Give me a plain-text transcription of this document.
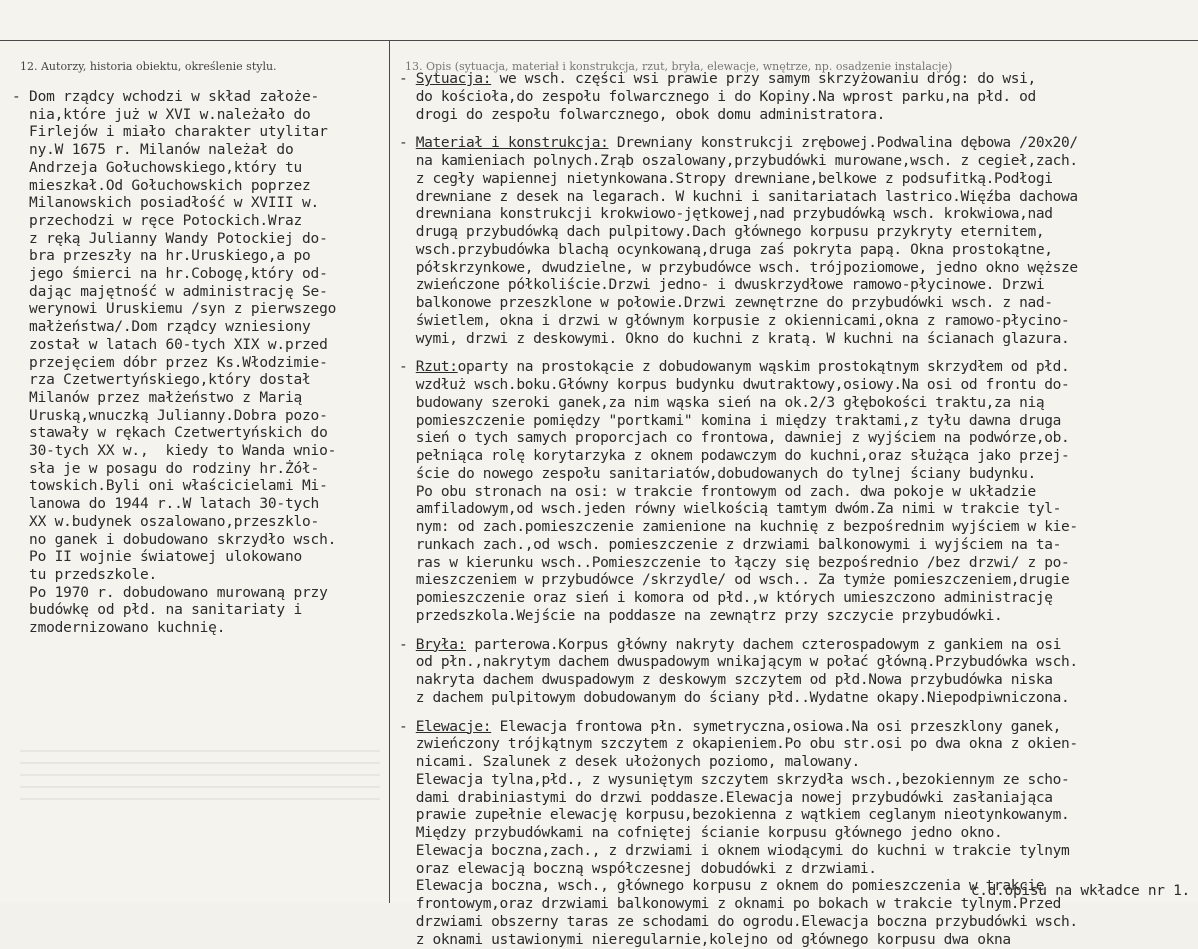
12. Autorzy, historia obiektu, określenie stylu.	13. Opis (sytuacja, materiał i konstrukcja, rzut, bryła, elewacje, wnętrze, np. osadzenie instalacje)
- Dom rządcy wchodzi w skład założe-
nia,które już w XVI w.należało do
Firlejów i miało charakter utylitar
ny.W 1675 r. Milanów należał do
Andrzeja Gołuchowskiego,który tu
mieszkał.Od Gołuchowskich poprzez
Milanowskich posiadłość w XVIII w.
przechodzi w ręce Potockich.Wraz
z ręką Julianny Wandy Potockiej do-
bra przeszły na hr.Uruskiego,a po
jego śmierci na hr.Cobogę,który od-
dając majętność w administrację Se-
werynowi Uruskiemu /syn z pierwszego
małżeństwa/.Dom rządcy wzniesiony
został w latach 60-tych XIX w.przed
przejęciem dóbr przez Ks.Włodzimie-
rza Czetwertyńskiego,który dostał
Milanów przez małżeństwo z Marią
Uruską,wnuczką Julianny.Dobra pozo-
stawały w rękach Czetwertyńskich do
30-tych XX w.,  kiedy to Wanda wnio-
sła je w posagu do rodziny hr.Żół-
towskich.Byli oni właścicielami Mi-
lanowa do 1944 r..W latach 30-tych
XX w.budynek oszalowano,przeszklo-
no ganek i dobudowano skrzydło wsch.
Po II wojnie światowej ulokowano
tu przedszkole.
Po 1970 r. dobudowano murowaną przy
budówkę od płd. na sanitariaty i
zmodernizowano kuchnię.
- Sytuacja: we wsch. części wsi prawie przy samym skrzyżowaniu dróg: do wsi,
do kościoła,do zespołu folwarcznego i do Kopiny.Na wprost parku,na płd. od
drogi do zespołu folwarcznego, obok domu administratora.
- Materiał i konstrukcja: Drewniany konstrukcji zrębowej.Podwalina dębowa /20x20/
na kamieniach polnych.Zrąb oszalowany,przybudówki murowane,wsch. z cegieł,zach.
z cegły wapiennej nietynkowana.Stropy drewniane,belkowe z podsufitką.Podłogi
drewniane z desek na legarach. W kuchni i sanitariatach lastrico.Więźba dachowa
drewniana konstrukcji krokwiowo-jętkowej,nad przybudówką wsch. krokwiowa,nad
drugą przybudówką dach pulpitowy.Dach głównego korpusu przykryty eternitem,
wsch.przybudówka blachą ocynkowaną,druga zaś pokryta papą. Okna prostokątne,
półskrzynkowe, dwudzielne, w przybudówce wsch. trójpoziomowe, jedno okno węższe
zwieńczone półkoliście.Drzwi jedno- i dwuskrzydłowe ramowo-płycinowe. Drzwi
balkonowe przeszklone w połowie.Drzwi zewnętrzne do przybudówki wsch. z nad-
świetlem, okna i drzwi w głównym korpusie z okiennicami,okna z ramowo-płycino-
wymi, drzwi z deskowymi. Okno do kuchni z kratą. W kuchni na ścianach glazura.
- Rzut:oparty na prostokącie z dobudowanym wąskim prostokątnym skrzydłem od płd.
wzdłuż wsch.boku.Główny korpus budynku dwutraktowy,osiowy.Na osi od frontu do-
budowany szeroki ganek,za nim wąska sień na ok.2/3 głębokości traktu,za nią
pomieszczenie pomiędzy "portkami" komina i między traktami,z tyłu dawna druga
sień o tych samych proporcjach co frontowa, dawniej z wyjściem na podwórze,ob.
pełniąca rolę korytarzyka z oknem podawczym do kuchni,oraz służąca jako przej-
ście do nowego zespołu sanitariatów,dobudowanych do tylnej ściany budynku.
Po obu stronach na osi: w trakcie frontowym od zach. dwa pokoje w układzie
amfiladowym,od wsch.jeden równy wielkością tamtym dwóm.Za nimi w trakcie tyl-
nym: od zach.pomieszczenie zamienione na kuchnię z bezpośrednim wyjściem w kie-
runkach zach.,od wsch. pomieszczenie z drzwiami balkonowymi i wyjściem na ta-
ras w kierunku wsch..Pomieszczenie to łączy się bezpośrednio /bez drzwi/ z po-
mieszczeniem w przybudówce /skrzydle/ od wsch.. Za tymże pomieszczeniem,drugie
pomieszczenie oraz sień i komora od płd.,w których umieszczono administrację
przedszkola.Wejście na poddasze na zewnątrz przy szczycie przybudówki.
- Bryła: parterowa.Korpus główny nakryty dachem czterospadowym z gankiem na osi
od płn.,nakrytym dachem dwuspadowym wnikającym w połać główną.Przybudówka wsch.
nakryta dachem dwuspadowym z deskowym szczytem od płd.Nowa przybudówka niska
z dachem pulpitowym dobudowanym do ściany płd..Wydatne okapy.Niepodpiwniczona.
- Elewacje: Elewacja frontowa płn. symetryczna,osiowa.Na osi przeszklony ganek,
zwieńczony trójkątnym szczytem z okapieniem.Po obu str.osi po dwa okna z okien-
nicami. Szalunek z desek ułożonych poziomo, malowany.
Elewacja tylna,płd., z wysuniętym szczytem skrzydła wsch.,bezokiennym ze scho-
dami drabiniastymi do drzwi poddasze.Elewacja nowej przybudówki zasłaniająca
prawie zupełnie elewację korpusu,bezokienna z wątkiem ceglanym nieotynkowanym.
Między przybudówkami na cofniętej ścianie korpusu głównego jedno okno.
Elewacja boczna,zach., z drzwiami i oknem wiodącymi do kuchni w trakcie tylnym
oraz elewacją boczną współczesnej dobudówki z drzwiami.
Elewacja boczna, wsch., głównego korpusu z oknem do pomieszczenia w trakcie
frontowym,oraz drzwiami balkonowymi z oknami po bokach w trakcie tylnym.Przed
drzwiami obszerny taras ze schodami do ogrodu.Elewacja boczna przybudówki wsch.
z oknami ustawionymi nieregularnie,kolejno od głównego korpusu dwa okna
c.d.opisu na wkładce nr 1.
